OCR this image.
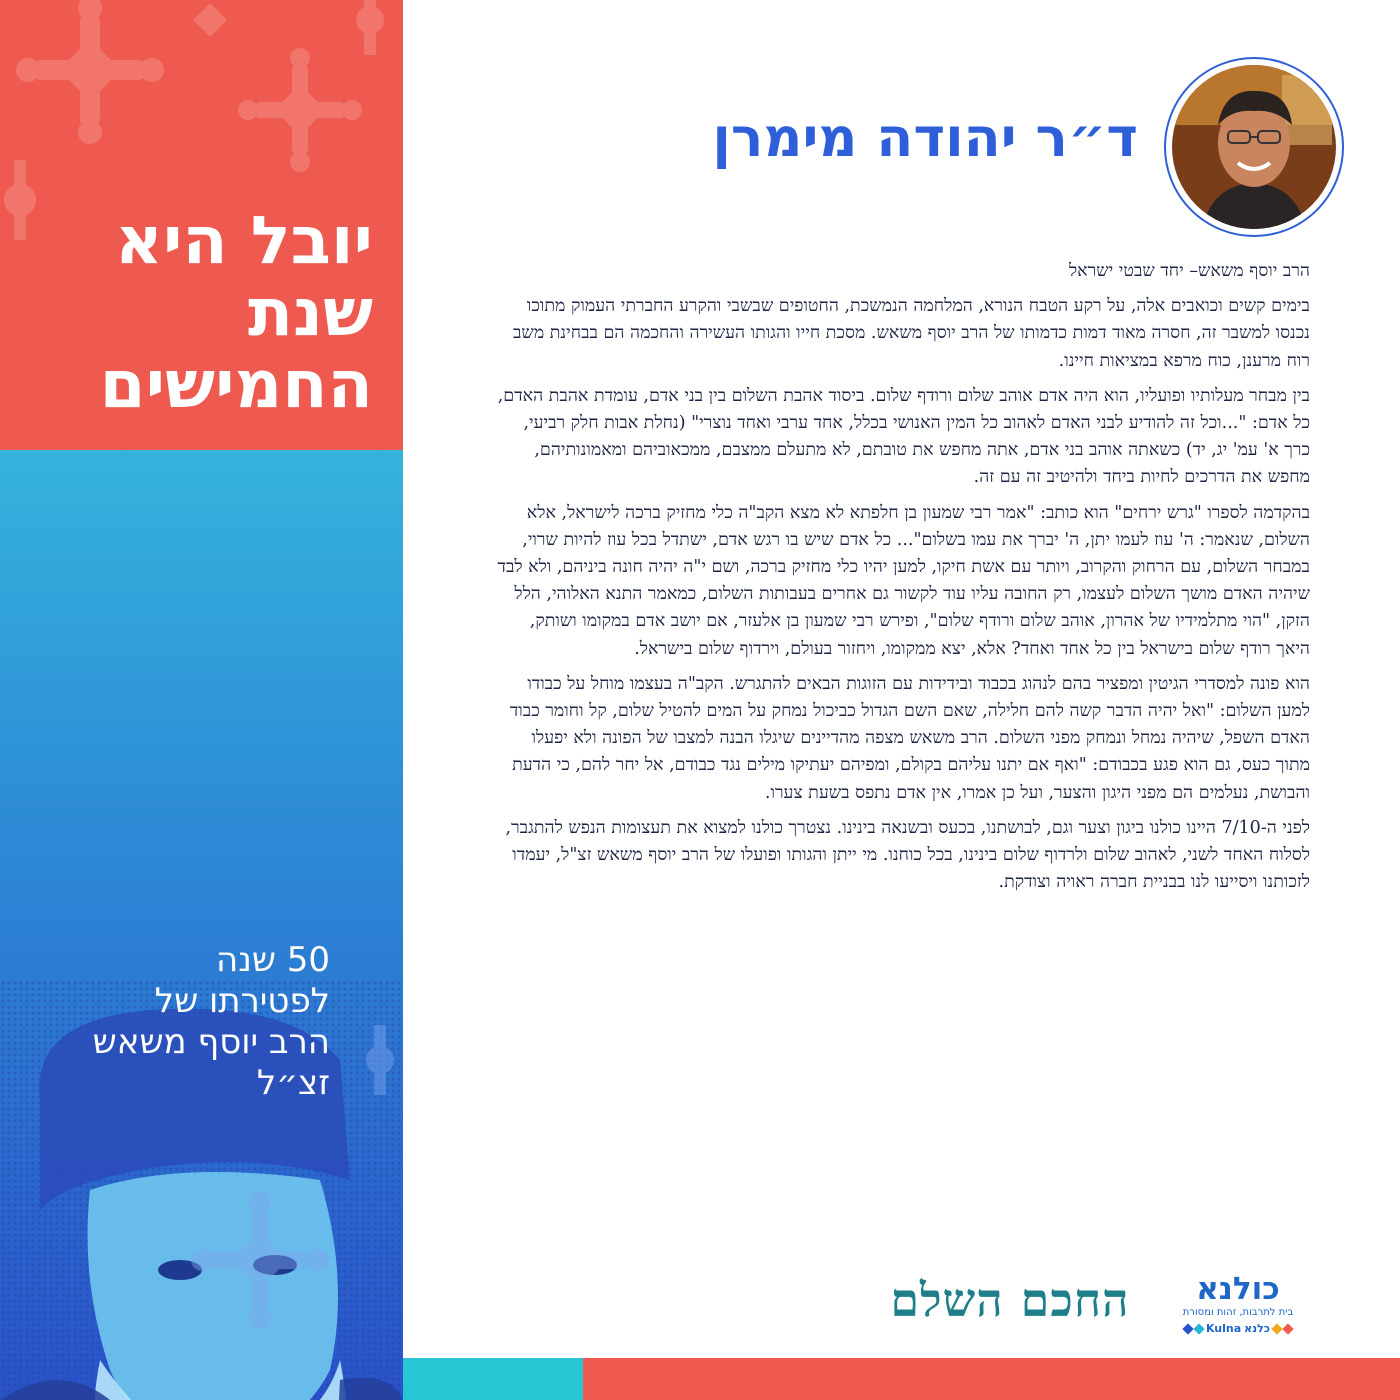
יובל היא
שנת
החמישים
50 שנה
לפטירתו של
הרב יוסף משאש
זצ״ל
ד״ר יהודה מימרן

הרב יוסף משאש– יחד שבטי ישראל

בימים קשים וכואבים אלה, על רקע הטבח הנורא, המלחמה הנמשכת, החטופים שבשבי והקרע החברתי העמוק מתוכו נכנסו למשבר זה, חסרה מאוד דמות כדמותו של הרב יוסף משאש. מסכת חייו והגותו העשירה והחכמה הם בבחינת משב רוח מרענן, כוח מרפא במציאות חיינו.

בין מבחר מעלותיו ופועליו, הוא היה אדם אוהב שלום ורודף שלום. ביסוד אהבת השלום בין בני אדם, עומדת אהבת האדם, כל אדם: "...וכל זה להודיע לבני האדם לאהוב כל המין האנושי בכלל, אחד ערבי ואחד נוצרי" (נחלת אבות חלק רביעי, כרך א' עמ' יג, יד) כשאתה אוהב בני אדם, אתה מחפש את טובתם, לא מתעלם ממצבם, ממכאוביהם ומאמונותיהם, מחפש את הדרכים לחיות ביחד ולהיטיב זה עם זה.

בהקדמה לספרו "גרש ירחים" הוא כותב: "אמר רבי שמעון בן חלפתא לא מצא הקב"ה כלי מחזיק ברכה לישראל, אלא השלום, שנאמר: ה' עוז לעמו יתן, ה' יברך את עמו בשלום"... כל אדם שיש בו רגש אדם, ישתדל בכל עוז להיות שרוי, במבחר השלום, עם הרחוק והקרוב, ויותר עם אשת חיקו, למען יהיו כלי מחזיק ברכה, ושם י"ה יהיה חונה ביניהם, ולא לבד שיהיה האדם מושך השלום לעצמו, רק החובה עליו עוד לקשור גם אחרים בעבותות השלום, כמאמר התנא האלוהי, הלל הזקן, "הוי מתלמידיו של אהרון, אוהב שלום ורודף שלום", ופירש רבי שמעון בן אלעזר, אם יושב אדם במקומו ושותק, היאך רודף שלום בישראל בין כל אחד ואחד? אלא, יצא ממקומו, ויחזור בעולם, וירדוף שלום בישראל.

הוא פונה למסדרי הגיטין ומפציר בהם לנהוג בכבוד ובידידות עם הזוגות הבאים להתגרש. הקב"ה בעצמו מוחל על כבודו למען השלום: "ואל יהיה הדבר קשה להם חלילה, שאם השם הגדול כביכול נמחק על המים להטיל שלום, קל וחומר כבוד האדם השפל, שיהיה נמחל ונמחק מפני השלום. הרב משאש מצפה מהדיינים שיגלו הבנה למצבו של הפונה ולא יפעלו מתוך כעס, גם הוא פגע בכבודם: "ואף אם יתנו עליהם בקולם, ומפיהם יעתיקו מילים נגד כבודם, אל יחר להם, כי הדעת והבושת, נעלמים הם מפני היגון והצער, ועל כן אמרו, אין אדם נתפס בשעת צערו.

לפני ה-7/10 היינו כולנו ביגון וצער וגם, לבושתנו, בכעס ובשנאה בינינו. נצטרך כולנו למצוא את תעצומות הנפש להתגבר, לסלוח האחד לשני, לאהוב שלום ולרדוף שלום בינינו, בכל כוחנו. מי ייתן והגותו ופועלו של הרב יוסף משאש זצ"ל, יעמדו לזכותנו ויסייעו לנו בבניית חברה ראויה וצודקת.

החכם השלם	כולנא
בית לתרבות, זהות ומסורת
Kulna כלנא
